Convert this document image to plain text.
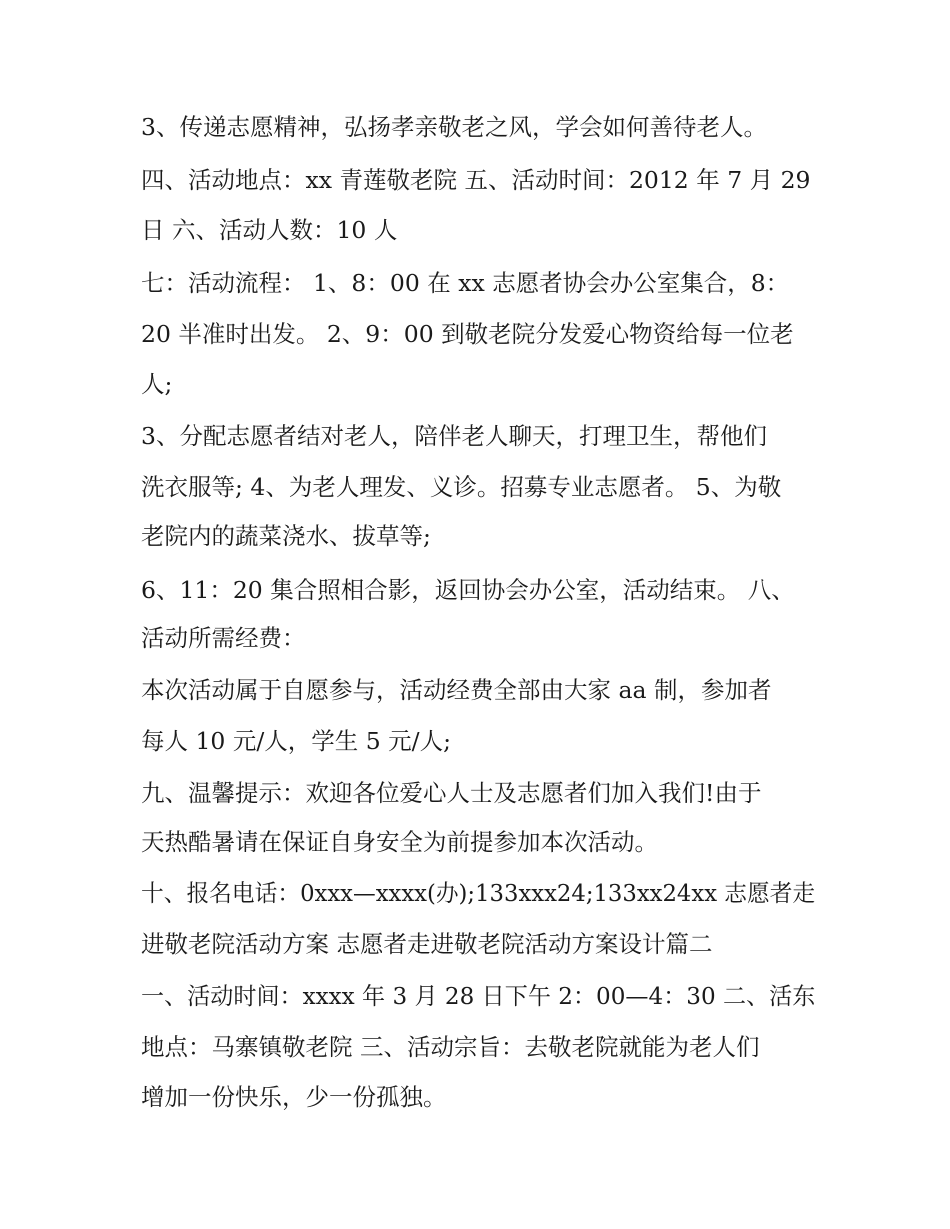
3、传递志愿精神，弘扬孝亲敬老之风，学会如何善待老人。

四、活动地点：xx 青莲敬老院 五、活动时间：2012 年 7 月 29

日 六、活动人数：10 人

七：活动流程： 1、8：00 在 xx 志愿者协会办公室集合，8：

20 半准时出发。 2、9：00 到敬老院分发爱心物资给每一位老

人;

3、分配志愿者结对老人，陪伴老人聊天，打理卫生，帮他们

洗衣服等; 4、为老人理发、义诊。招募专业志愿者。 5、为敬

老院内的蔬菜浇水、拔草等;

6、11：20 集合照相合影，返回协会办公室，活动结束。 八、

活动所需经费：

本次活动属于自愿参与，活动经费全部由大家 aa 制，参加者

每人 10 元/人，学生 5 元/人;

九、温馨提示：欢迎各位爱心人士及志愿者们加入我们!由于

天热酷暑请在保证自身安全为前提参加本次活动。

十、报名电话：0xxx—xxxx(办);133xxx24;133xx24xx 志愿者走

进敬老院活动方案 志愿者走进敬老院活动方案设计篇二

一、活动时间：xxxx 年 3 月 28 日下午 2：00—4：30 二、活东

地点：马寨镇敬老院 三、活动宗旨：去敬老院就能为老人们

增加一份快乐，少一份孤独。
